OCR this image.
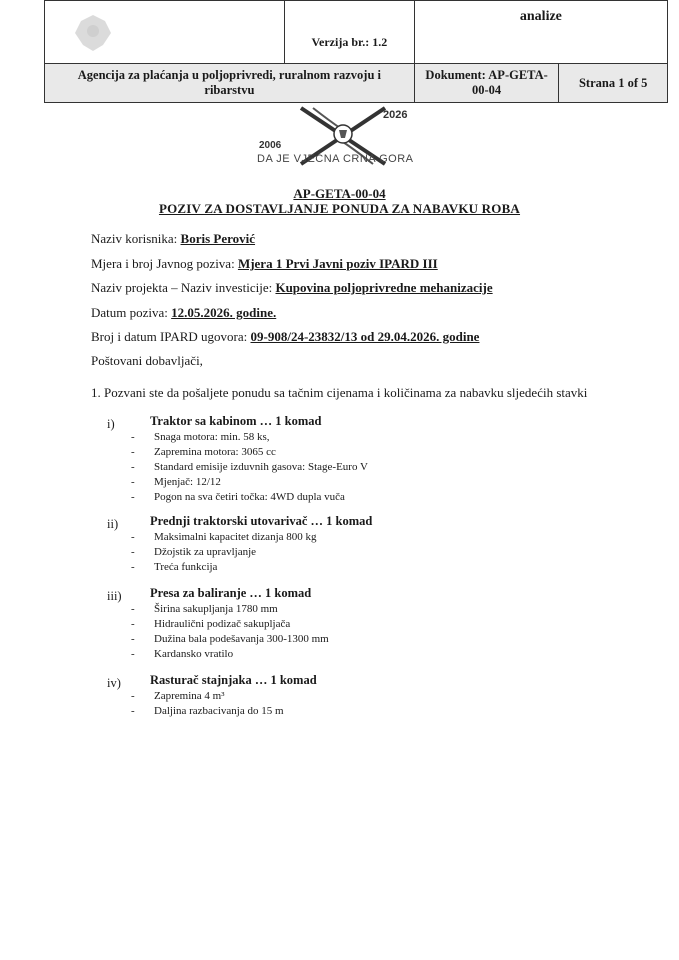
	Verzija br.: 1.2	analize	
Agencija za plaćanja u poljoprivredi, ruralnom razvoju i ribarstvu		Dokument: AP-GETA-00-04	Strana 1 of 5
2026
2006
DA JE VJEČNA CRNA GORA
AP-GETA-00-04
POZIV ZA DOSTAVLJANJE PONUDA ZA NABAVKU ROBA
Naziv korisnika: Boris Perović
Mjera i broj Javnog poziva: Mjera 1 Prvi Javni poziv IPARD III
Naziv projekta – Naziv investicije: Kupovina poljoprivredne mehanizacije
Datum poziva: 12.05.2026. godine.
Broj i datum IPARD ugovora: 09-908/24-23832/13 od 29.04.2026. godine
Poštovani dobavljači,
1. Pozvani ste da pošaljete ponudu sa tačnim cijenama i količinama za nabavku sljedećih stavki
i)	Traktor sa kabinom … 1 komad
- Snaga motora: min. 58 ks,
- Zapremina motora: 3065 cc
- Standard emisije izduvnih gasova: Stage-Euro V
- Mjenjač: 12/12
- Pogon na sva četiri točka: 4WD dupla vuča
ii)	Prednji traktorski utovarivač … 1 komad
- Maksimalni kapacitet dizanja 800 kg
- Džojstik za upravljanje
- Treća funkcija
iii) Presa za baliranje … 1 komad
- Širina sakupljanja 1780 mm
- Hidraulični podizač sakupljača
- Dužina bala podešavanja 300-1300 mm
- Kardansko vratilo
iv) Rasturač stajnjaka … 1 komad
- Zapremina 4 m³
- Daljina razbacivanja do 15 m
